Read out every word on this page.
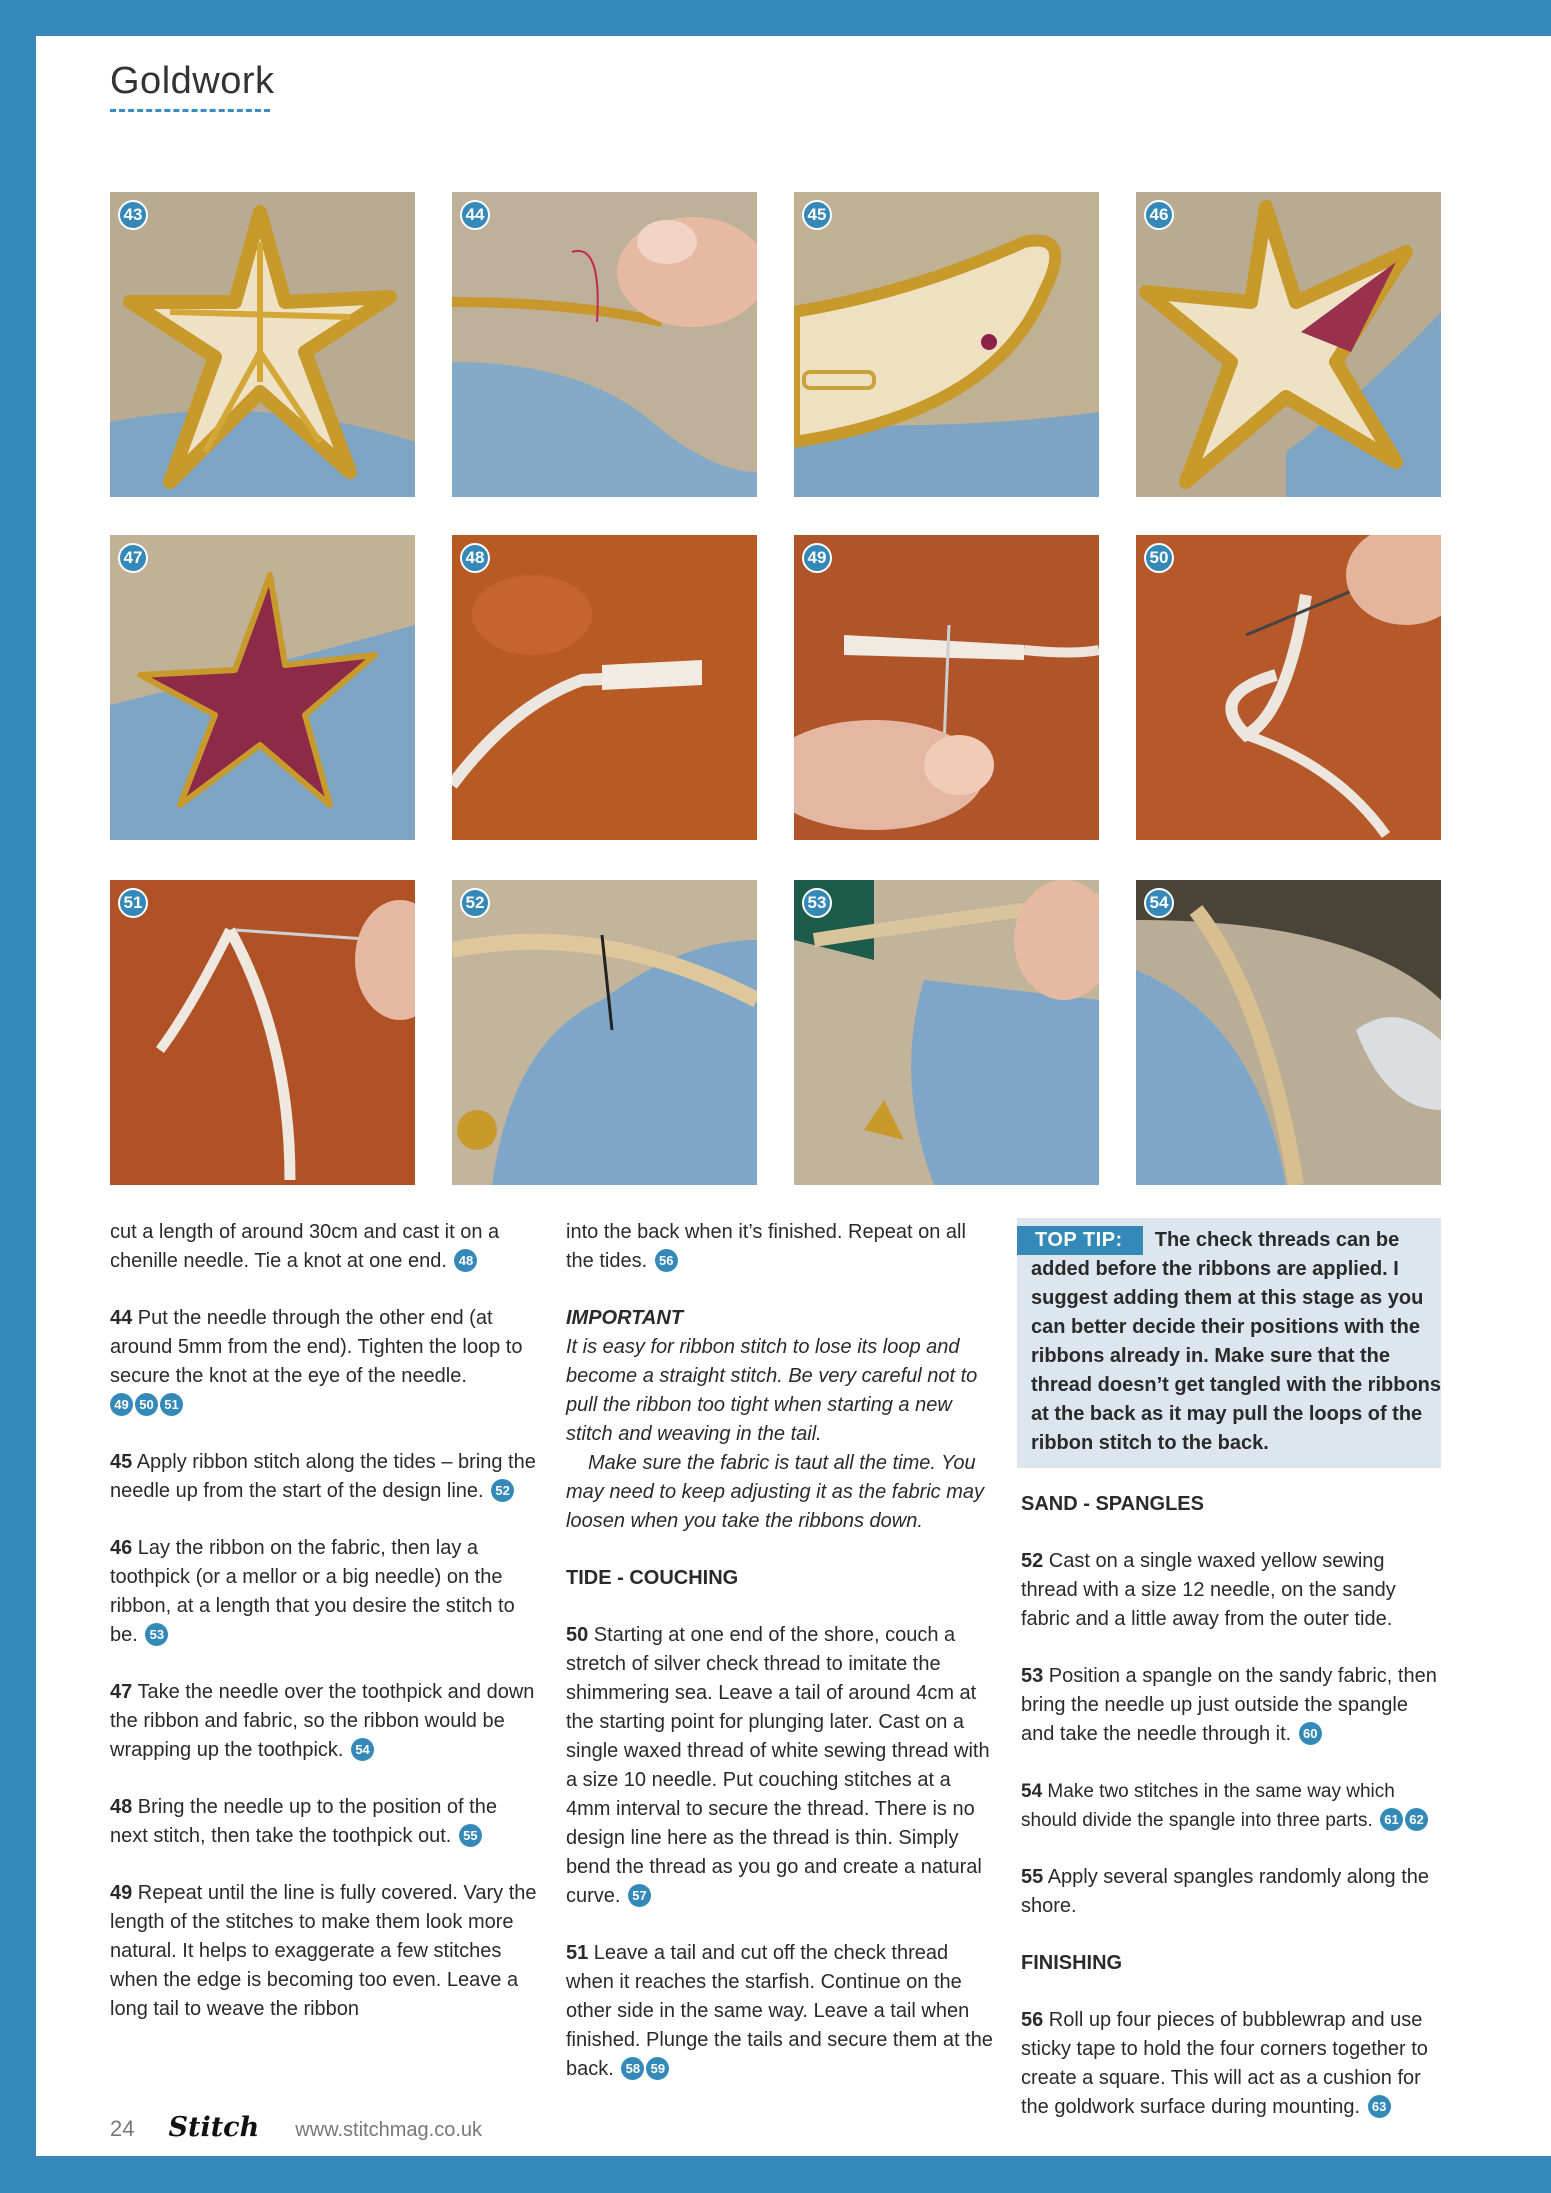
Goldwork
43	44	45	46
47	48	49	50
51	52	53	54

cut a length of around 30cm and cast it on a chenille needle. Tie a knot at one end. 48

44 Put the needle through the other end (at around 5mm from the end). Tighten the loop to secure the knot at the eye of the needle.
49 50 51

45 Apply ribbon stitch along the tides – bring the needle up from the start of the design line. 52

46 Lay the ribbon on the fabric, then lay a toothpick (or a mellor or a big needle) on the ribbon, at a length that you desire the stitch to be. 53

47 Take the needle over the toothpick and down the ribbon and fabric, so the ribbon would be wrapping up the toothpick. 54

48 Bring the needle up to the position of the next stitch, then take the toothpick out. 55

49 Repeat until the line is fully covered. Vary the length of the stitches to make them look more natural. It helps to exaggerate a few stitches when the edge is becoming too even. Leave a long tail to weave the ribbon

into the back when it’s finished. Repeat on all the tides. 56

IMPORTANT
It is easy for ribbon stitch to lose its loop and become a straight stitch. Be very careful not to pull the ribbon too tight when starting a new stitch and weaving in the tail.
Make sure the fabric is taut all the time. You may need to keep adjusting it as the fabric may loosen when you take the ribbons down.

TIDE - COUCHING

50 Starting at one end of the shore, couch a stretch of silver check thread to imitate the shimmering sea. Leave a tail of around 4cm at the starting point for plunging later. Cast on a single waxed thread of white sewing thread with a size 10 needle. Put couching stitches at a 4mm interval to secure the thread. There is no design line here as the thread is thin. Simply bend the thread as you go and create a natural curve. 57

51 Leave a tail and cut off the check thread when it reaches the starfish. Continue on the other side in the same way. Leave a tail when finished. Plunge the tails and secure them at the back. 58 59

TOP TIP: The check threads can be
added before the ribbons are applied. I suggest adding them at this stage as you can better decide their positions with the ribbons already in. Make sure that the thread doesn’t get tangled with the ribbons at the back as it may pull the loops of the ribbon stitch to the back.

SAND - SPANGLES

52 Cast on a single waxed yellow sewing thread with a size 12 needle, on the sandy fabric and a little away from the outer tide.

53 Position a spangle on the sandy fabric, then bring the needle up just outside the spangle and take the needle through it. 60

54 Make two stitches in the same way which should divide the spangle into three parts. 61 62

55 Apply several spangles randomly along the shore.

FINISHING

56 Roll up four pieces of bubblewrap and use sticky tape to hold the four corners together to create a square. This will act as a cushion for the goldwork surface during mounting. 63

24 Stitch www.stitchmag.co.uk
